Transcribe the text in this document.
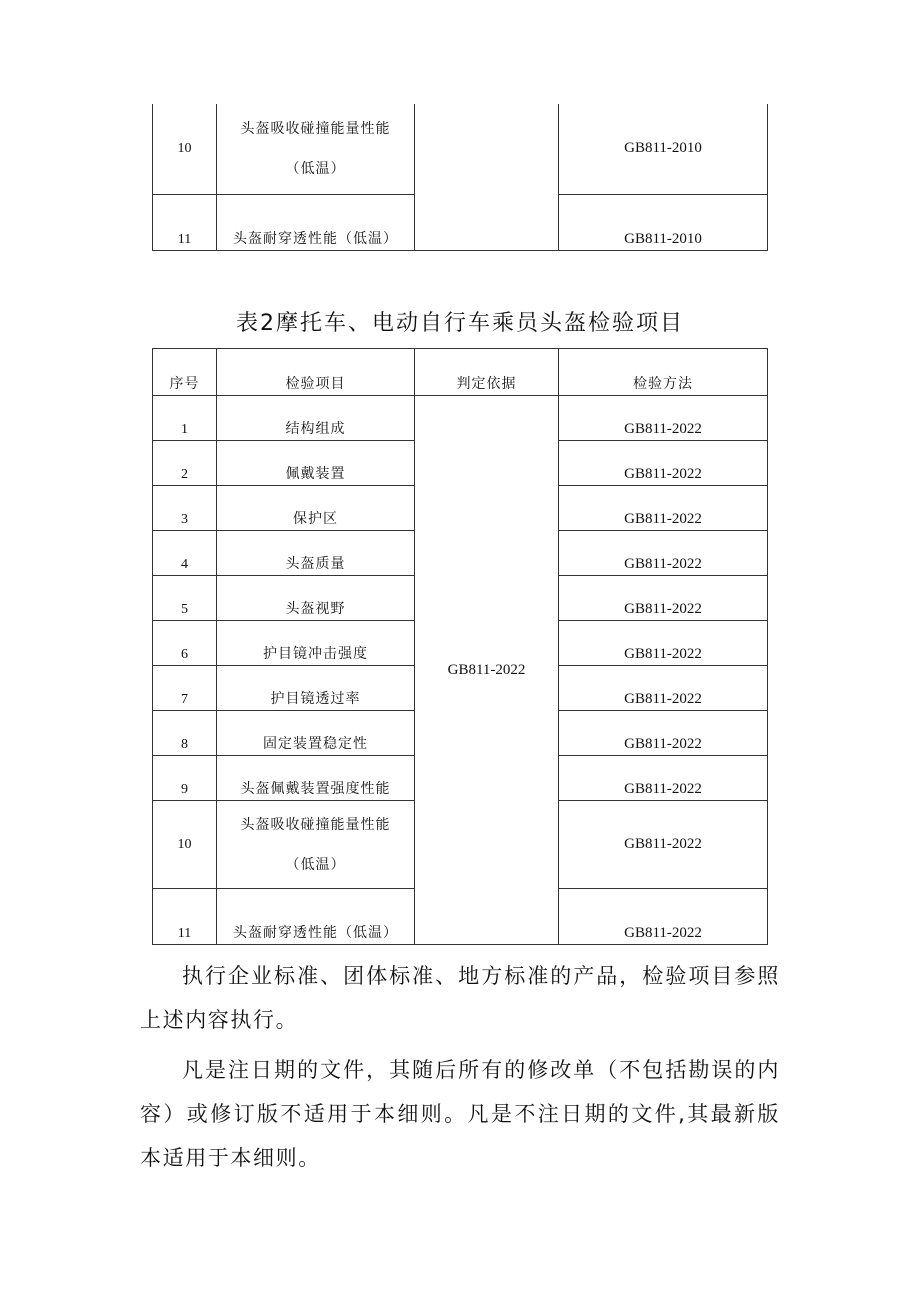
10	头盔吸收碰撞能量性能
（低温）		GB811-2010

11	头盔耐穿透性能（低温）		GB811-2010
表2摩托车、电动自行车乘员头盔检验项目
序号	检验项目	判定依据	检验方法

1	结构组成	GB811-2022	GB811-2022

2	佩戴装置		GB811-2022

3	保护区		GB811-2022

4	头盔质量		GB811-2022

5	头盔视野		GB811-2022

6	护目镜冲击强度		GB811-2022

7	护目镜透过率		GB811-2022

8	固定装置稳定性		GB811-2022

9	头盔佩戴装置强度性能		GB811-2022

10	头盔吸收碰撞能量性能
（低温）		GB811-2022

11	头盔耐穿透性能（低温）		GB811-2022

执行企业标准、团体标准、地方标准的产品，检验项目参照上述内容执行。

凡是注日期的文件，其随后所有的修改单（不包括勘误的内容）或修订版不适用于本细则。凡是不注日期的文件,其最新版本适用于本细则。
